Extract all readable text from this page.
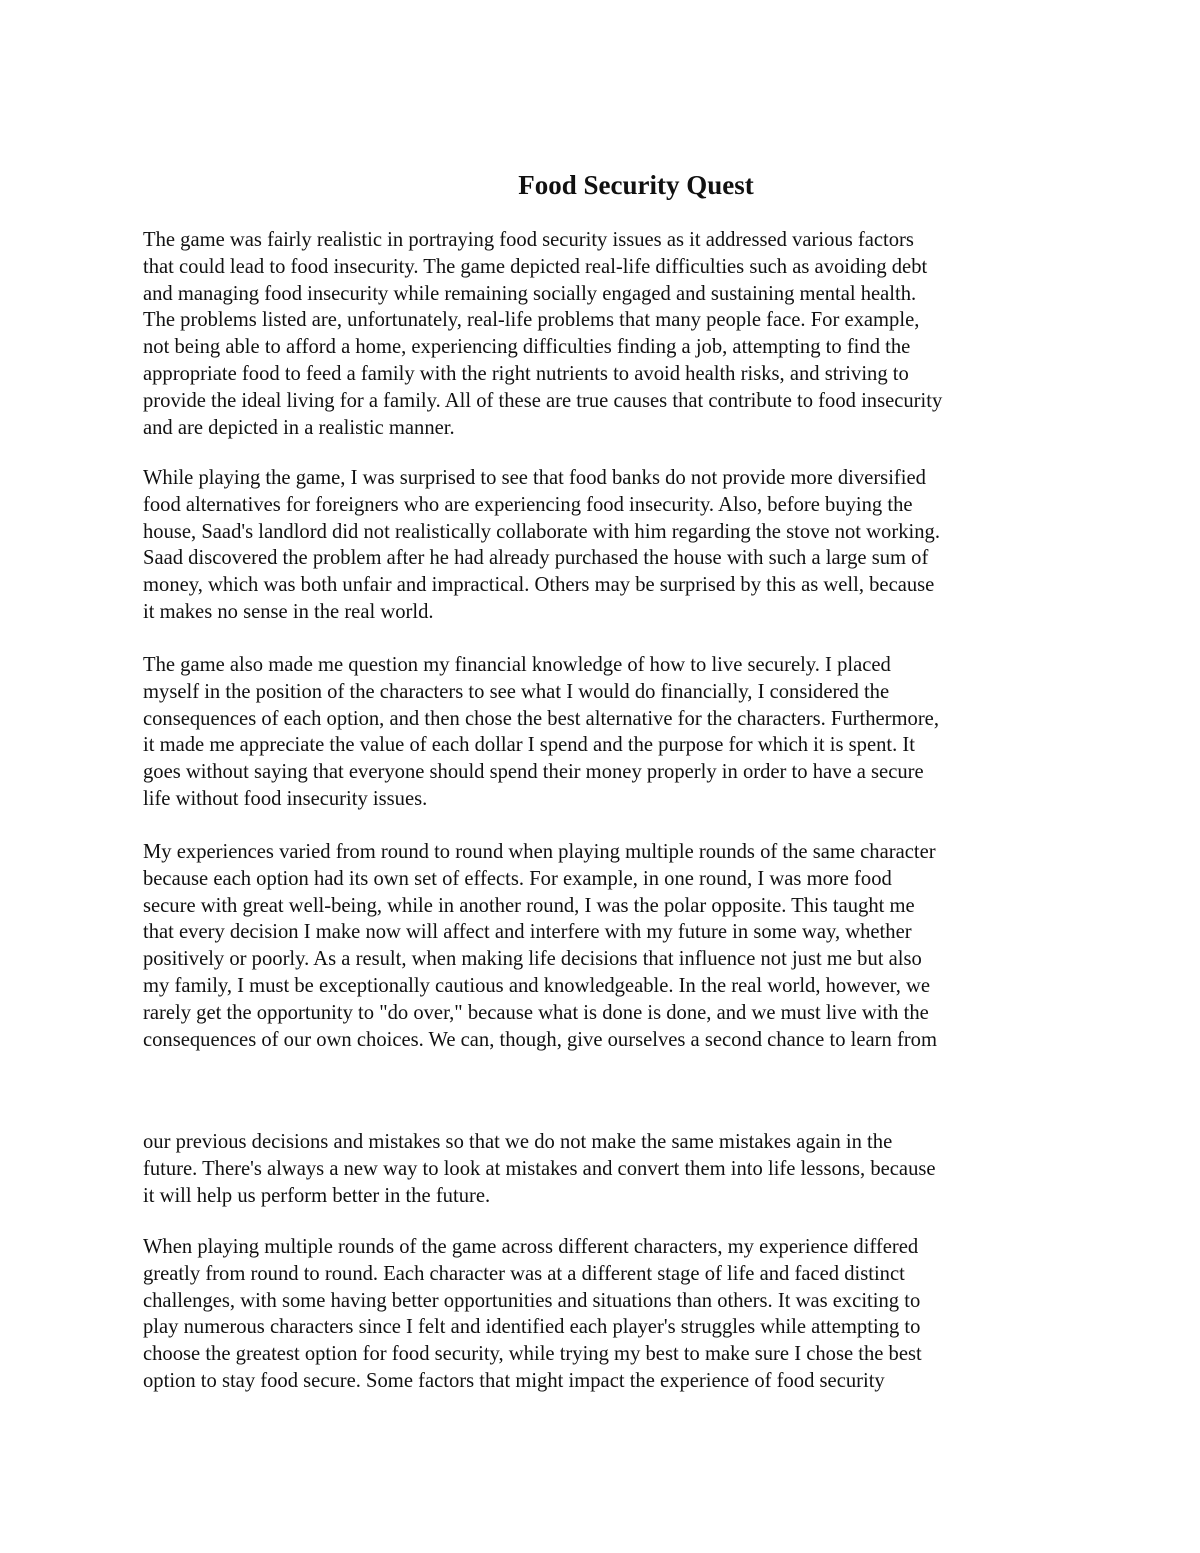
Food Security Quest

The game was fairly realistic in portraying food security issues as it addressed various factors
that could lead to food insecurity. The game depicted real-life difficulties such as avoiding debt
and managing food insecurity while remaining socially engaged and sustaining mental health.
The problems listed are, unfortunately, real-life problems that many people face. For example,
not being able to afford a home, experiencing difficulties finding a job, attempting to find the
appropriate food to feed a family with the right nutrients to avoid health risks, and striving to
provide the ideal living for a family. All of these are true causes that contribute to food insecurity
and are depicted in a realistic manner.

While playing the game, I was surprised to see that food banks do not provide more diversified
food alternatives for foreigners who are experiencing food insecurity. Also, before buying the
house, Saad's landlord did not realistically collaborate with him regarding the stove not working.
Saad discovered the problem after he had already purchased the house with such a large sum of
money, which was both unfair and impractical. Others may be surprised by this as well, because
it makes no sense in the real world.

The game also made me question my financial knowledge of how to live securely. I placed
myself in the position of the characters to see what I would do financially, I considered the
consequences of each option, and then chose the best alternative for the characters. Furthermore,
it made me appreciate the value of each dollar I spend and the purpose for which it is spent. It
goes without saying that everyone should spend their money properly in order to have a secure
life without food insecurity issues.

My experiences varied from round to round when playing multiple rounds of the same character
because each option had its own set of effects. For example, in one round, I was more food
secure with great well-being, while in another round, I was the polar opposite. This taught me
that every decision I make now will affect and interfere with my future in some way, whether
positively or poorly. As a result, when making life decisions that influence not just me but also
my family, I must be exceptionally cautious and knowledgeable. In the real world, however, we
rarely get the opportunity to "do over," because what is done is done, and we must live with the
consequences of our own choices. We can, though, give ourselves a second chance to learn from

our previous decisions and mistakes so that we do not make the same mistakes again in the
future. There's always a new way to look at mistakes and convert them into life lessons, because
it will help us perform better in the future.

When playing multiple rounds of the game across different characters, my experience differed
greatly from round to round. Each character was at a different stage of life and faced distinct
challenges, with some having better opportunities and situations than others. It was exciting to
play numerous characters since I felt and identified each player's struggles while attempting to
choose the greatest option for food security, while trying my best to make sure I chose the best
option to stay food secure. Some factors that might impact the experience of food security
